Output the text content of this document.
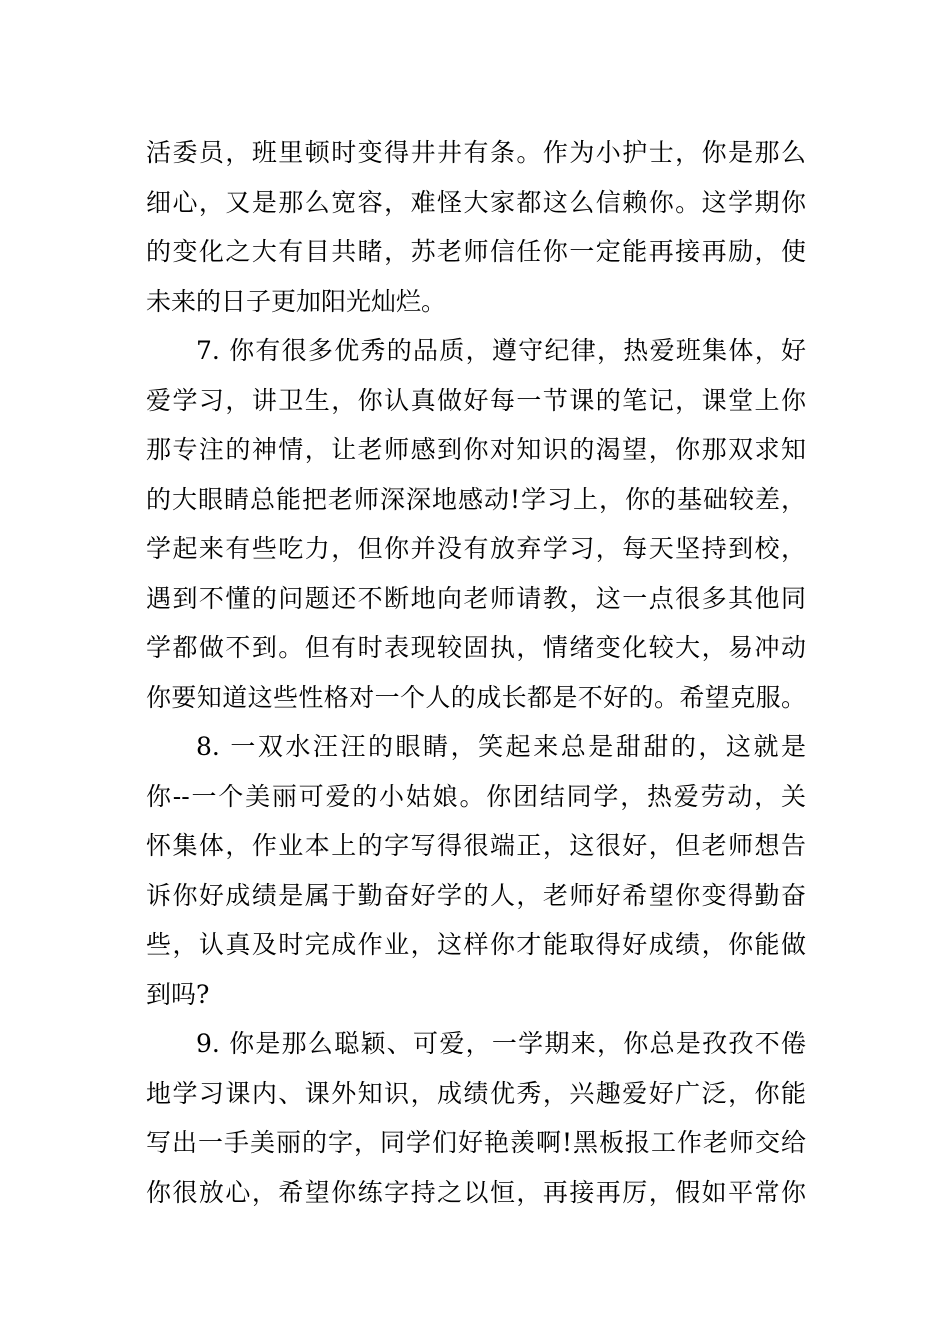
活委员，班里顿时变得井井有条。作为小护士，你是那么
细心，又是那么宽容，难怪大家都这么信赖你。这学期你
的变化之大有目共睹，苏老师信任你一定能再接再励，使
未来的日子更加阳光灿烂。
7. 你有很多优秀的品质，遵守纪律，热爱班集体，好
爱学习，讲卫生，你认真做好每一节课的笔记，课堂上你
那专注的神情，让老师感到你对知识的渴望，你那双求知
的大眼睛总能把老师深深地感动!学习上，你的基础较差，
学起来有些吃力，但你并没有放弃学习，每天坚持到校，
遇到不懂的问题还不断地向老师请教，这一点很多其他同
学都做不到。但有时表现较固执，情绪变化较大，易冲动
你要知道这些性格对一个人的成长都是不好的。希望克服。
8. 一双水汪汪的眼睛，笑起来总是甜甜的，这就是
你--一个美丽可爱的小姑娘。你团结同学，热爱劳动，关
怀集体，作业本上的字写得很端正，这很好，但老师想告
诉你好成绩是属于勤奋好学的人，老师好希望你变得勤奋
些，认真及时完成作业，这样你才能取得好成绩，你能做
到吗?
9. 你是那么聪颖、可爱，一学期来，你总是孜孜不倦
地学习课内、课外知识，成绩优秀，兴趣爱好广泛，你能
写出一手美丽的字，同学们好艳羡啊!黑板报工作老师交给
你很放心，希望你练字持之以恒，再接再厉，假如平常你
